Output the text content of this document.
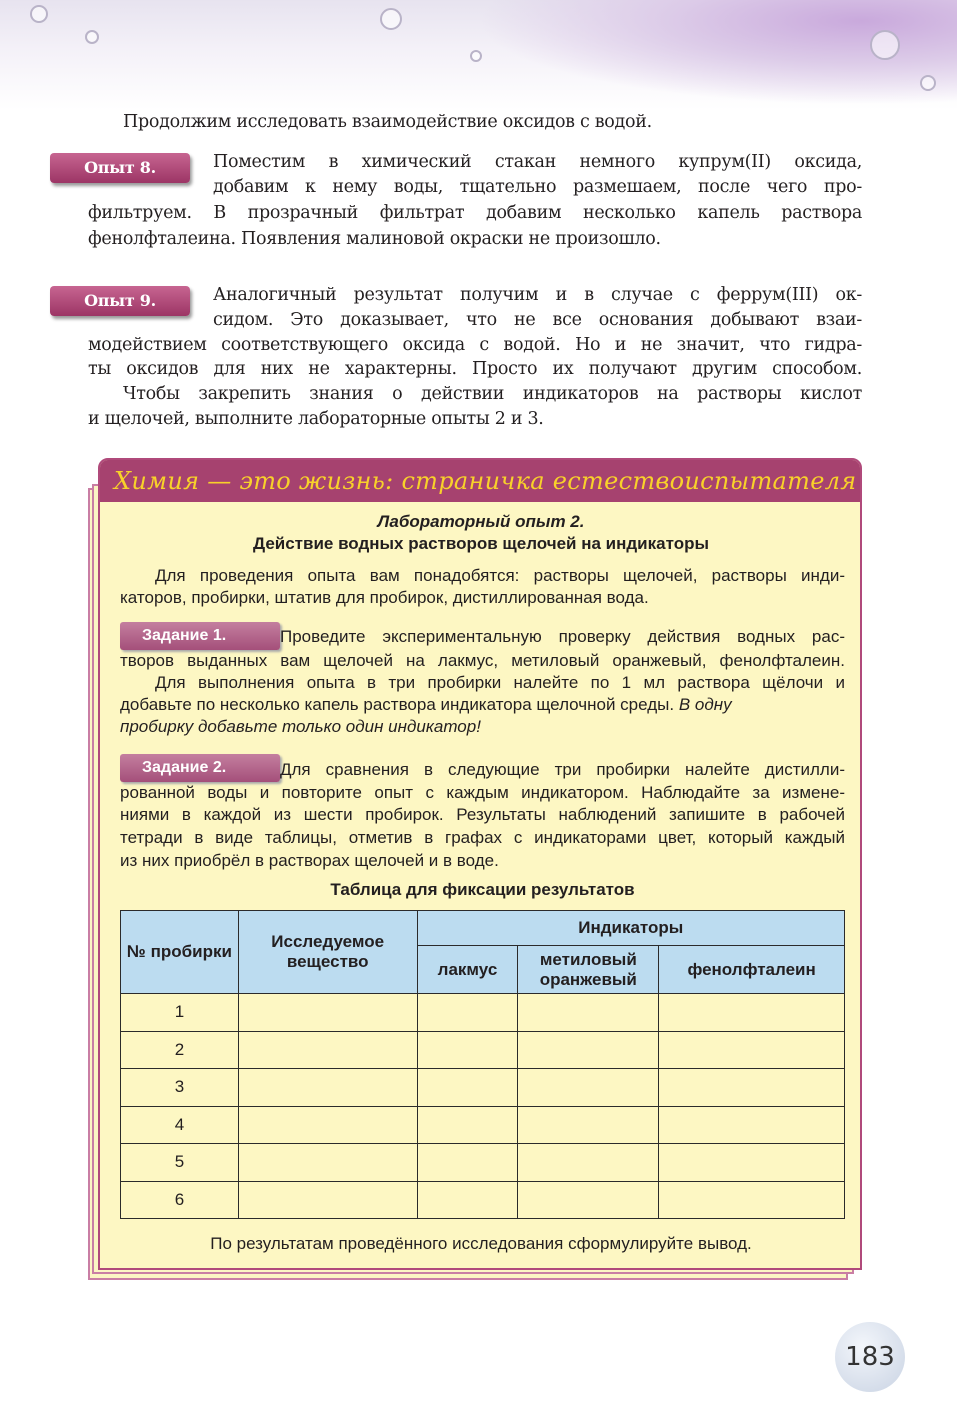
Продолжим исследовать взаимодействие оксидов с водой.
Опыт 8.	Поместим в химический стакан немного купрум(II) оксида,
добавим к нему воды, тщательно размешаем, после чего про-
фильтруем. В прозрачный фильтрат добавим несколько капель раствора
фенолфталеина. Появления малиновой окраски не произошло.
Опыт 9.	Аналогичный результат получим и в случае с феррум(III) ок-
сидом. Это доказывает, что не все основания добывают взаи-
модействием соответствующего оксида с водой. Но и не значит, что гидра-
ты оксидов для них не характерны. Просто их получают другим способом.
Чтобы закрепить знания о действии индикаторов на растворы кислот
и щелочей, выполните лабораторные опыты 2 и 3.
Химия — это жизнь: страничка естествоиспытателя
Лабораторный опыт 2.
Действие водных растворов щелочей на индикаторы
Для проведения опыта вам понадобятся: растворы щелочей, растворы инди-
каторов, пробирки, штатив для пробирок, дистиллированная вода.
Задание 1.	Проведите экспериментальную проверку действия водных рас-
творов выданных вам щелочей на лакмус, метиловый оранжевый, фенолфталеин.
Для выполнения опыта в три пробирки налейте по 1 мл раствора щёлочи и
добавьте по несколько капель раствора индикатора щелочной среды. В одну
пробирку добавьте только один индикатор!
Задание 2.	Для сравнения в следующие три пробирки налейте дистилли-
рованной воды и повторите опыт с каждым индикатором. Наблюдайте за измене-
ниями в каждой из шести пробирок. Результаты наблюдений запишите в рабочей
тетради в виде таблицы, отметив в графах с индикаторами цвет, который каждый
из них приобрёл в растворах щелочей и в воде.
Таблица для фиксации результатов
№ пробирки	Исследуемое вещество	Индикаторы		
		лакмус	метиловый оранжевый	фенолфталеин
1				
2				
3				
4				
5				
6				
По результатам проведённого исследования сформулируйте вывод.
183
